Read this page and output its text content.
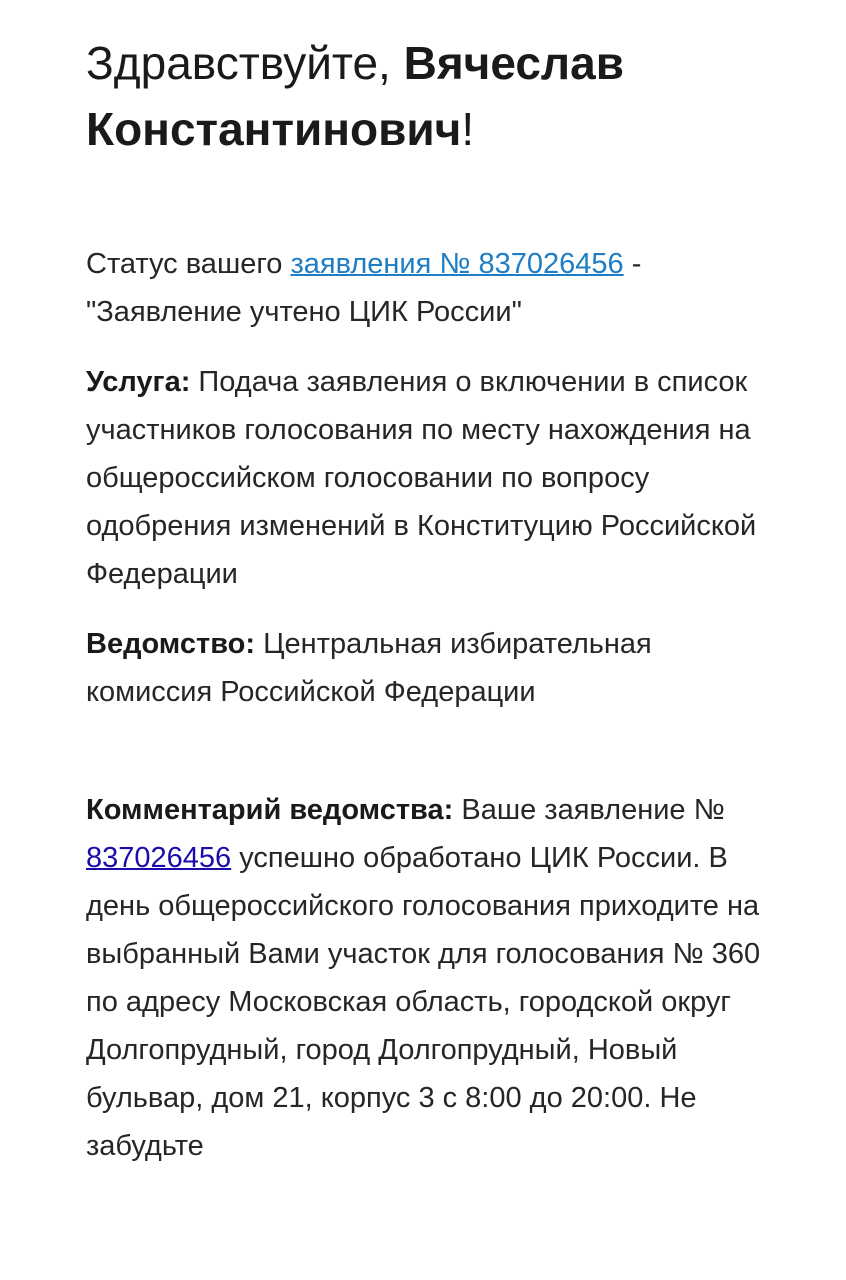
Здравствуйте, Вячеслав Константинович!

Статус вашего заявления № 837026456 - "Заявление учтено ЦИК России"

Услуга: Подача заявления о включении в список участников голосования по месту нахождения на общероссийском голосовании по вопросу одобрения изменений в Конституцию Российской Федерации

Ведомство: Центральная избирательная комиссия Российской Федерации

Комментарий ведомства: Ваше заявление № 837026456 успешно обработано ЦИК России. В день общероссийского голосования приходите на выбранный Вами участок для голосования № 360 по адресу Московская область, городской округ Долгопрудный, город Долгопрудный, Новый бульвар, дом 21, корпус 3 с 8:00 до 20:00. Не забудьте
